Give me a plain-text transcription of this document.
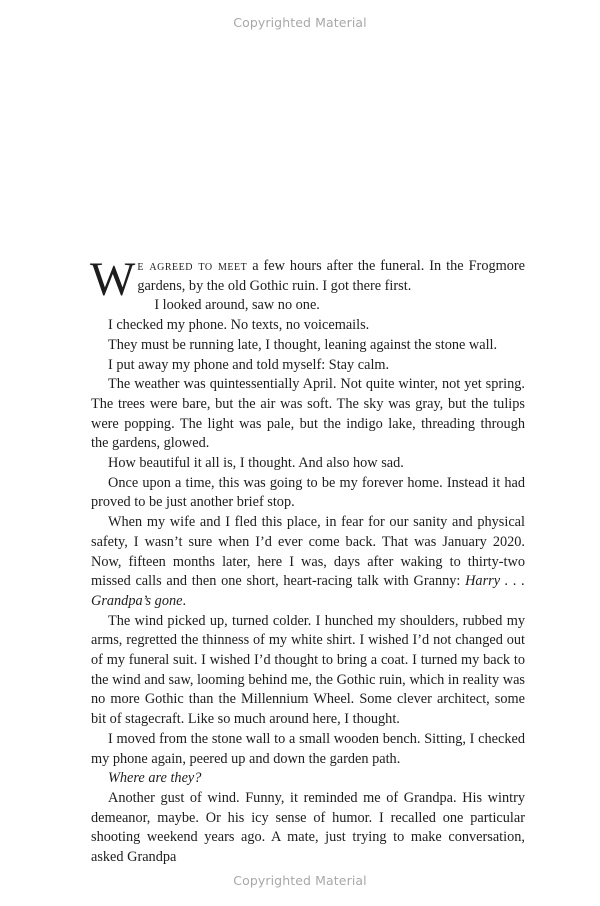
Copyrighted Material

We agreed to meet a few hours after the funeral. In the Frogmore gardens, by the old Gothic ruin. I got there first.

I looked around, saw no one.

I checked my phone. No texts, no voicemails.

They must be running late, I thought, leaning against the stone wall.

I put away my phone and told myself: Stay calm.

The weather was quintessentially April. Not quite winter, not yet spring. The trees were bare, but the air was soft. The sky was gray, but the tulips were popping. The light was pale, but the indigo lake, threading through the gardens, glowed.

How beautiful it all is, I thought. And also how sad.

Once upon a time, this was going to be my forever home. Instead it had proved to be just another brief stop.

When my wife and I fled this place, in fear for our sanity and physical safety, I wasn’t sure when I’d ever come back. That was January 2020. Now, fifteen months later, here I was, days after waking to thirty-two missed calls and then one short, heart-racing talk with Granny: Harry . . . Grandpa’s gone.

The wind picked up, turned colder. I hunched my shoulders, rubbed my arms, regretted the thinness of my white shirt. I wished I’d not changed out of my funeral suit. I wished I’d thought to bring a coat. I turned my back to the wind and saw, looming behind me, the Gothic ruin, which in reality was no more Gothic than the Millennium Wheel. Some clever architect, some bit of stagecraft. Like so much around here, I thought.

I moved from the stone wall to a small wooden bench. Sitting, I checked my phone again, peered up and down the garden path.

Where are they?

Another gust of wind. Funny, it reminded me of Grandpa. His wintry demeanor, maybe. Or his icy sense of humor. I recalled one particular shooting weekend years ago. A mate, just trying to make conversation, asked Grandpa

Copyrighted Material
